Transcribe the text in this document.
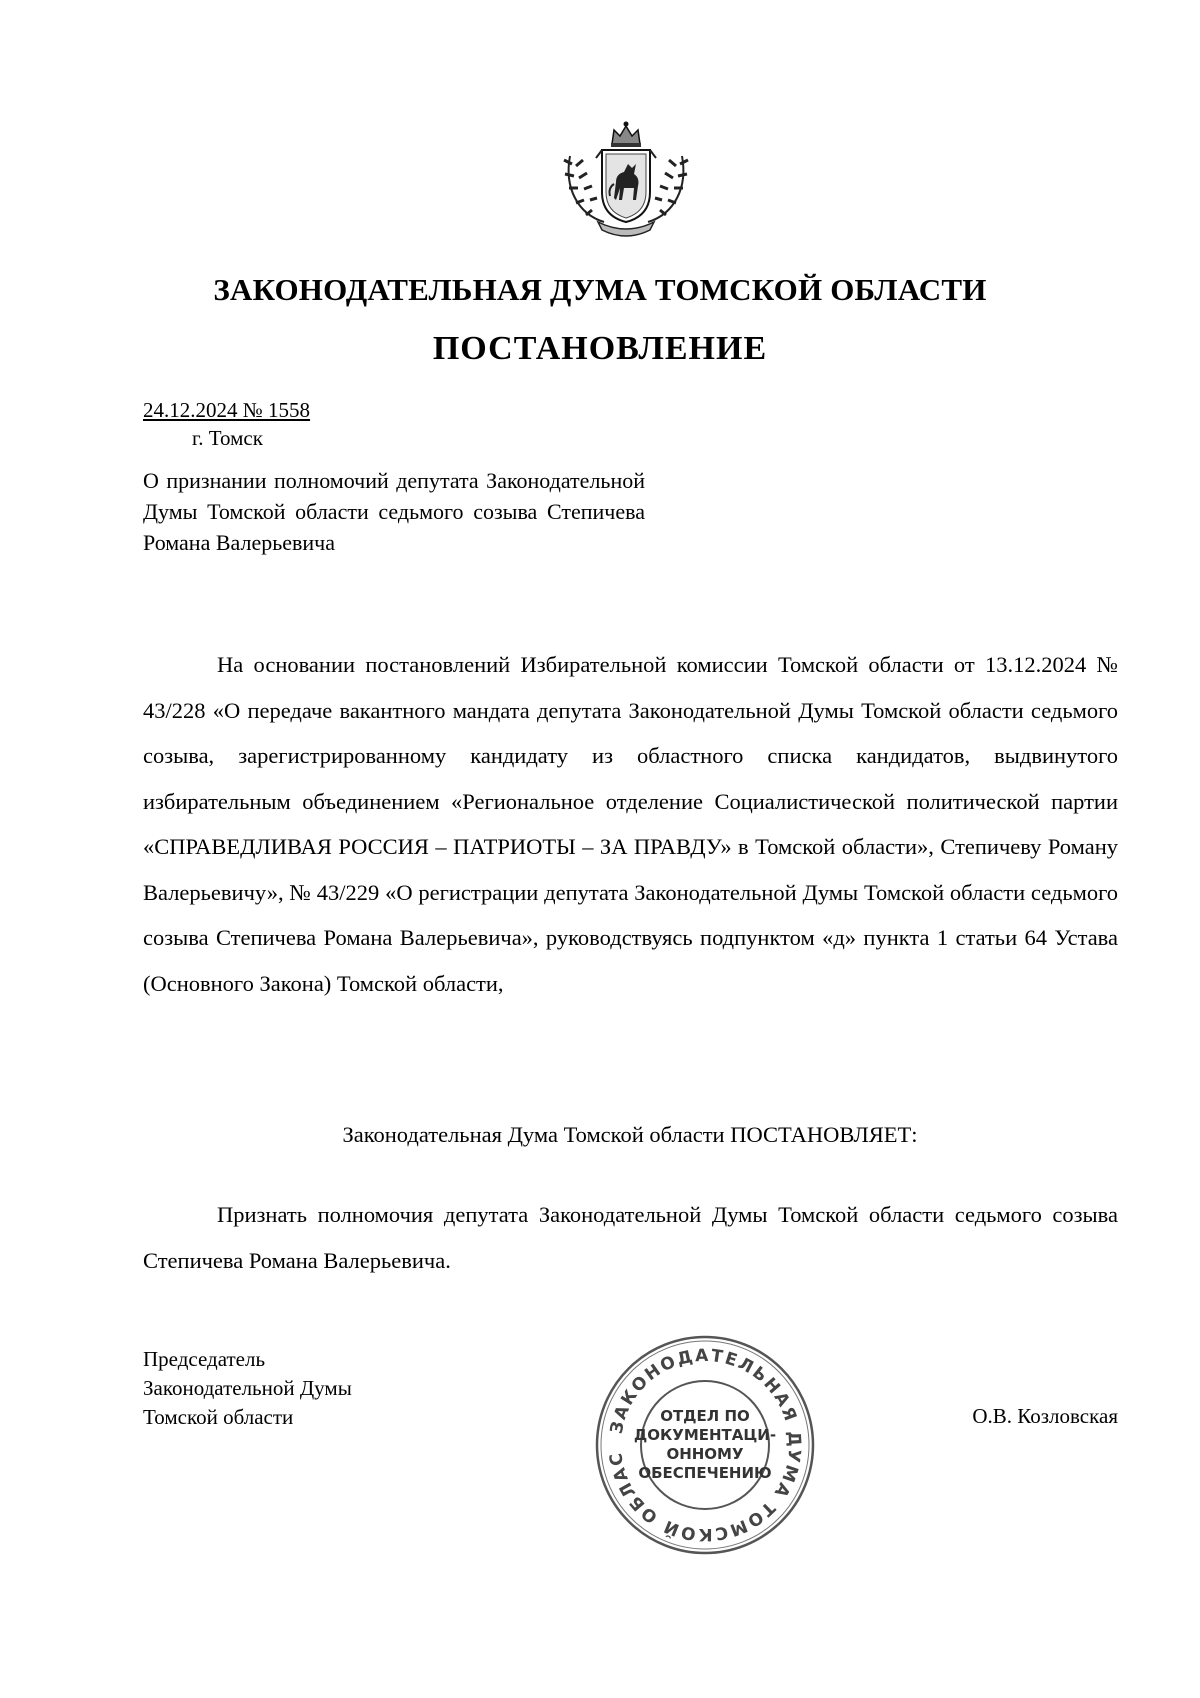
ЗАКОНОДАТЕЛЬНАЯ ДУМА ТОМСКОЙ ОБЛАСТИ
ПОСТАНОВЛЕНИЕ
24.12.2024 № 1558
г. Томск
О признании полномочий депутата Законодательной Думы Томской области седьмого созыва Степичева Романа Валерьевича
На основании постановлений Избирательной комиссии Томской области от 13.12.2024 № 43/228 «О передаче вакантного мандата депутата Законодательной Думы Томской области седьмого созыва, зарегистрированному кандидату из областного списка кандидатов, выдвинутого избирательным объединением «Региональное отделение Социалистической политической партии «СПРАВЕДЛИВАЯ РОССИЯ – ПАТРИОТЫ – ЗА ПРАВДУ» в Томской области», Степичеву Роману Валерьевичу», № 43/229 «О регистрации депутата Законодательной Думы Томской области седьмого созыва Степичева Романа Валерьевича», руководствуясь подпунктом «д» пункта 1 статьи 64 Устава (Основного Закона) Томской области,
Законодательная Дума Томской области ПОСТАНОВЛЯЕТ:
Признать полномочия депутата Законодательной Думы Томской области седьмого созыва Степичева Романа Валерьевича.
Председатель
Законодательной Думы
Томской области	ЗАКОНОДАТЕЛЬНАЯ ДУМА ТОМСКОЙ ОБЛАС
ОТДЕЛ ПО
ДОКУМЕНТАЦИ-
ОННОМУ
ОБЕСПЕЧЕНИЮ
О.В. Козловская
